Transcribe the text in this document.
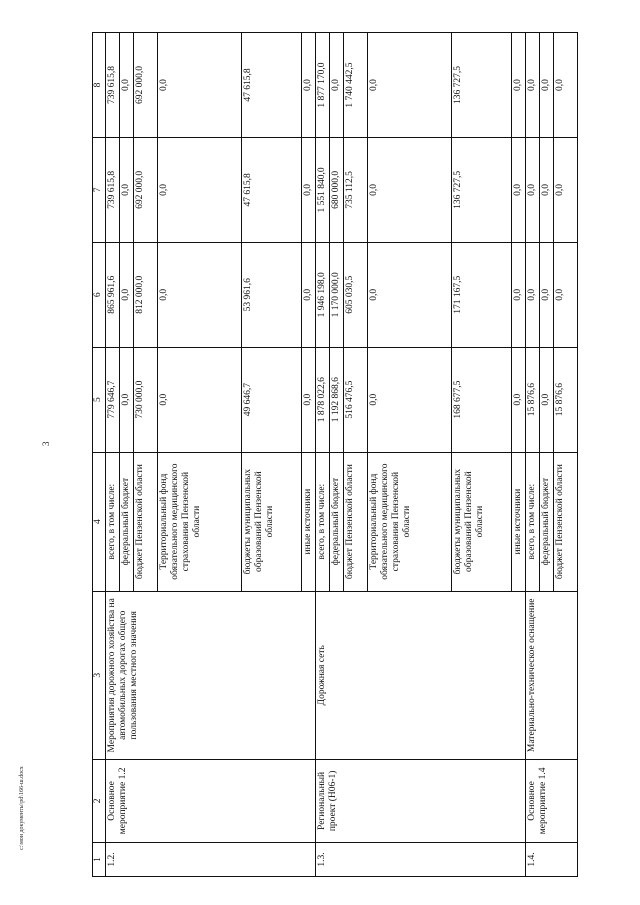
3
c:\мои документы\pd\166-ш.docx
1	2	3	4	5	6	7	8
1.2.	Основное мероприятие 1.2	Мероприятия дорожного хозяйства на автомобильных дорогах общего пользования местного значения	всего, в том числе:	779 646,7	865 961,6	739 615,8	739 615,8
			федеральный бюджет	0,0	0,0	0,0	0,0
			бюджет Пензенской области	730 000,0	812 000,0	692 000,0	692 000,0
			Территориальный фонд обязательного медицинского страхования Пензенской области	0,0	0,0	0,0	0,0
			бюджеты муниципальных образований Пензенской области	49 646,7	53 961,6	47 615,8	47 615,8
			иные источники	0,0	0,0	0,0	0,0
1.3.	Региональный проект (Н06-1)	Дорожная сеть	всего, в том числе:	1 878 022,6	1 946 198,0	1 551 840,0	1 877 170,0
			федеральный бюджет	1 192 868,6	1 170 000,0	680 000,0	0,0
			бюджет Пензенской области	516 476,5	605 030,5	735 112,5	1 740 442,5
			Территориальный фонд обязательного медицинского страхования Пензенской области	0,0	0,0	0,0	0,0
			бюджеты муниципальных образований Пензенской области	168 677,5	171 167,5	136 727,5	136 727,5
			иные источники	0,0	0,0	0,0	0,0
1.4.	Основное мероприятие 1.4	Материально-техническое оснащение	всего, в том числе:	15 876,6	0,0	0,0	0,0
			федеральный бюджет	0,0	0,0	0,0	0,0
			бюджет Пензенской области	15 876,6	0,0	0,0	0,0
